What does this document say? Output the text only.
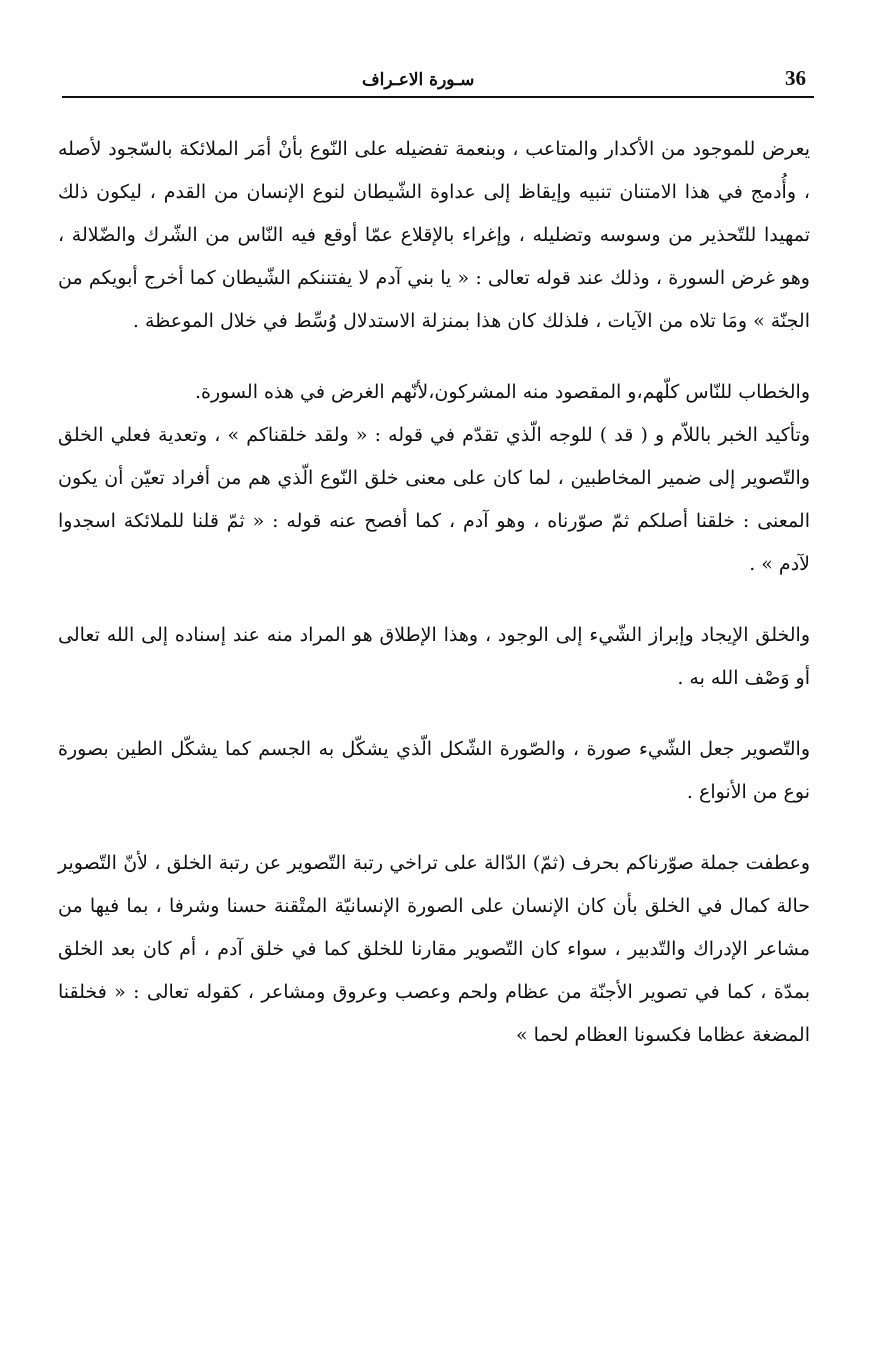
36
سـورة الاعـراف

يعرض للموجود من الأكدار والمتاعب ، وبنعمة تفضيله على النّوع بأنْ أمَر الملائكة بالسّجود لأصله ، وأُدمج في هذا الامتنان تنبيه وإيقاظ إلى عداوة الشّيطان لنوع الإنسان من القدم ، ليكون ذلك تمهيدا للتّحذير من وسوسه وتضليله ، وإغراء بالإقلاع عمّا أوقع فيه النّاس من الشّرك والضّلالة ، وهو غرض السورة ، وذلك عند قوله تعالى : « يا بني آدم لا يفتننكم الشّيطان كما أخرج أبويكم من الجنّة » ومَا تلاه من الآيات ، فلذلك كان هذا بمنزلة الاستدلال وُسِّط في خلال الموعظة .

والخطاب للنّاس كلّهم،و المقصود منه المشركون،لأنّهم الغرض في هذه السورة.

وتأكيد الخبر باللاّم و ( قد ) للوجه الّذي تقدّم في قوله : « ولقد خلقناكم » ، وتعدية فعلي الخلق والتّصوير إلى ضمير المخاطبين ، لما كان على معنى خلق النّوع الّذي هم من أفراد تعيّن أن يكون المعنى : خلقنا أصلكم ثمّ صوّرناه ، وهو آدم ، كما أفصح عنه قوله : « ثمّ قلنا للملائكة اسجدوا لآدم » .

والخلق الإيجاد وإبراز الشّيء إلى الوجود ، وهذا الإطلاق هو المراد منه عند إسناده إلى الله تعالى أو وَصْف الله به .

والتّصوير جعل الشّيء صورة ، والصّورة الشّكل الّذي يشكّل به الجسم كما يشكّل الطين بصورة نوع من الأنواع .

وعطفت جملة صوّرناكم بحرف (ثمّ) الدّالة على تراخي رتبة التّصوير عن رتبة الخلق ، لأنّ التّصوير حالة كمال في الخلق بأن كان الإنسان على الصورة الإنسانيّة المتْقنة حسنا وشرفا ، بما فيها من مشاعر الإدراك والتّدبير ، سواء كان التّصوير مقارنا للخلق كما في خلق آدم ، أم كان بعد الخلق بمدّة ، كما في تصوير الأجنّة من عظام ولحم وعصب وعروق ومشاعر ، كقوله تعالى : « فخلقنا المضغة عظاما فكسونا العظام لحما »
